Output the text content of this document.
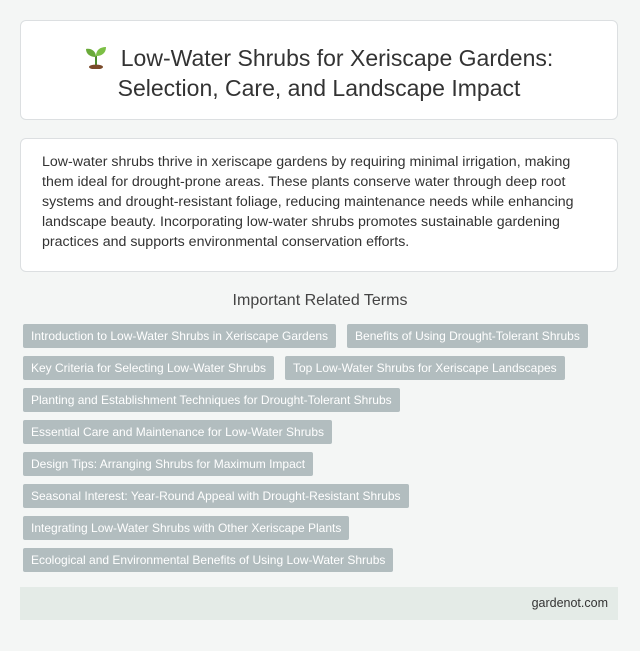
Low-Water Shrubs for Xeriscape Gardens:
Selection, Care, and Landscape Impact

Low-water shrubs thrive in xeriscape gardens by requiring minimal irrigation, making them ideal for drought-prone areas. These plants conserve water through deep root systems and drought-resistant foliage, reducing maintenance needs while enhancing landscape beauty. Incorporating low-water shrubs promotes sustainable gardening practices and supports environmental conservation efforts.

Important Related Terms
Introduction to Low-Water Shrubs in Xeriscape Gardens	Benefits of Using Drought-Tolerant Shrubs
Key Criteria for Selecting Low-Water Shrubs	Top Low-Water Shrubs for Xeriscape Landscapes
Planting and Establishment Techniques for Drought-Tolerant Shrubs
Essential Care and Maintenance for Low-Water Shrubs
Design Tips: Arranging Shrubs for Maximum Impact
Seasonal Interest: Year-Round Appeal with Drought-Resistant Shrubs
Integrating Low-Water Shrubs with Other Xeriscape Plants
Ecological and Environmental Benefits of Using Low-Water Shrubs
gardenot.com
